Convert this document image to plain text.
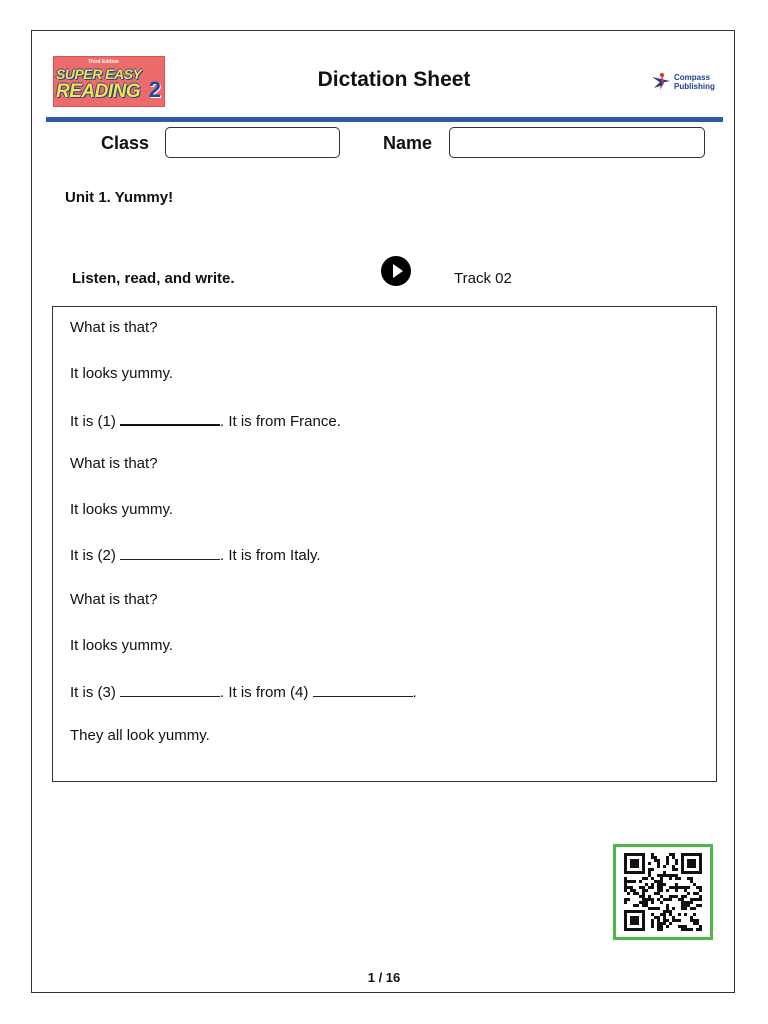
Third Edition
SUPER EASY
READING 2	Dictation Sheet	Compass
Publishing
Class	Name
Unit 1. Yummy!
Listen, read, and write.	Track 02
What is that?
It looks yummy.
It is (1)	. It is from France.
What is that?
It looks yummy.
It is (2)	. It is from Italy.
What is that?
It looks yummy.
It is (3)	. It is from (4)	.
They all look yummy.
1 / 16
